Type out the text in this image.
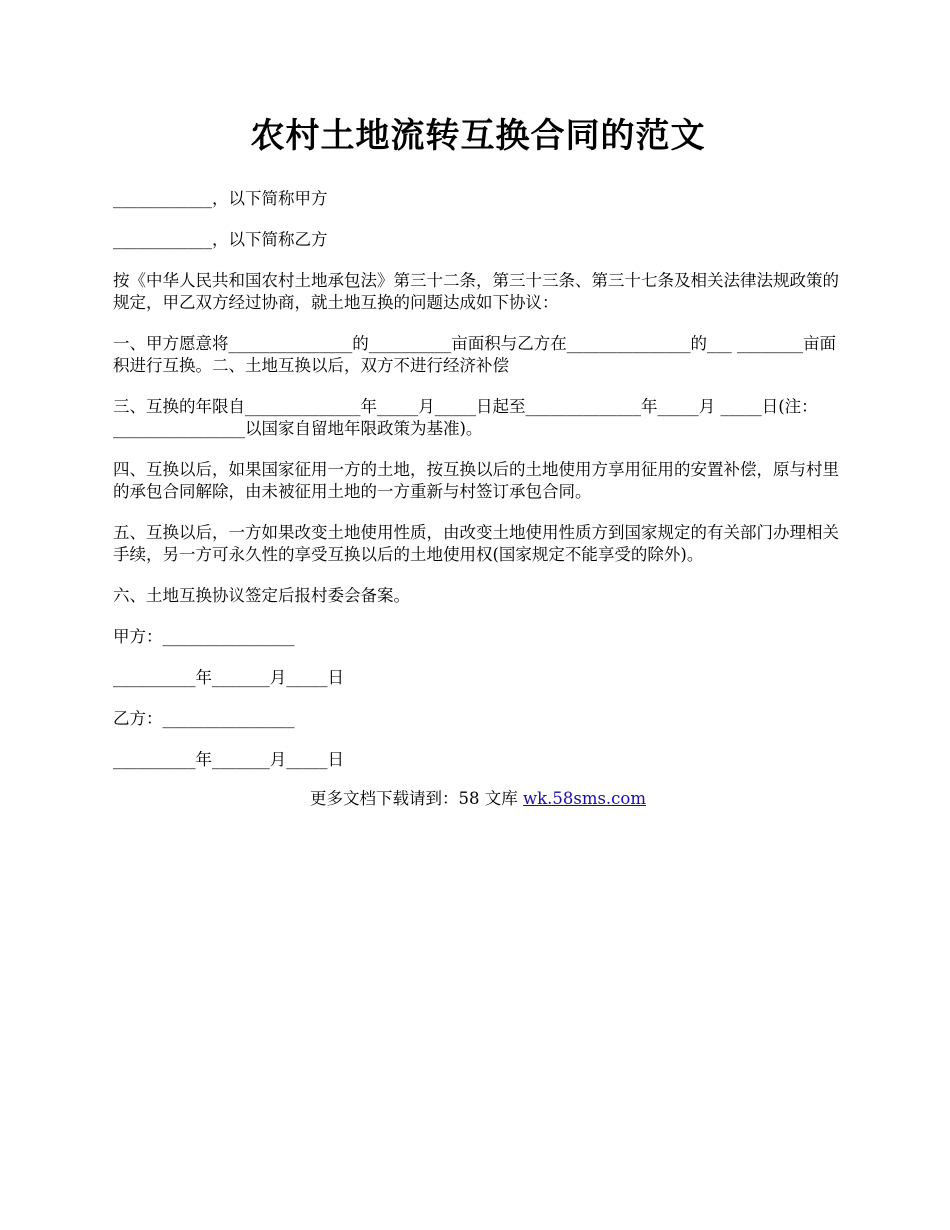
农村土地流转互换合同的范文

____________，以下简称甲方

____________，以下简称乙方

按《中华人民共和国农村土地承包法》第三十二条，第三十三条、第三十七条及相关法律法规政策的规定，甲乙双方经过协商，就土地互换的问题达成如下协议：

一、甲方愿意将_______________的__________亩面积与乙方在_______________的___ ________亩面积进行互换。二、土地互换以后，双方不进行经济补偿

三、互换的年限自______________年_____月_____日起至______________年_____月 _____日(注：________________以国家自留地年限政策为基准)。

四、互换以后，如果国家征用一方的土地，按互换以后的土地使用方享用征用的安置补偿，原与村里的承包合同解除，由未被征用土地的一方重新与村签订承包合同。

五、互换以后，一方如果改变土地使用性质，由改变土地使用性质方到国家规定的有关部门办理相关手续，另一方可永久性的享受互换以后的土地使用权(国家规定不能享受的除外)。

六、土地互换协议签定后报村委会备案。

甲方：________________

__________年_______月_____日

乙方：________________

__________年_______月_____日

更多文档下载请到：58 文库 wk.58sms.com
